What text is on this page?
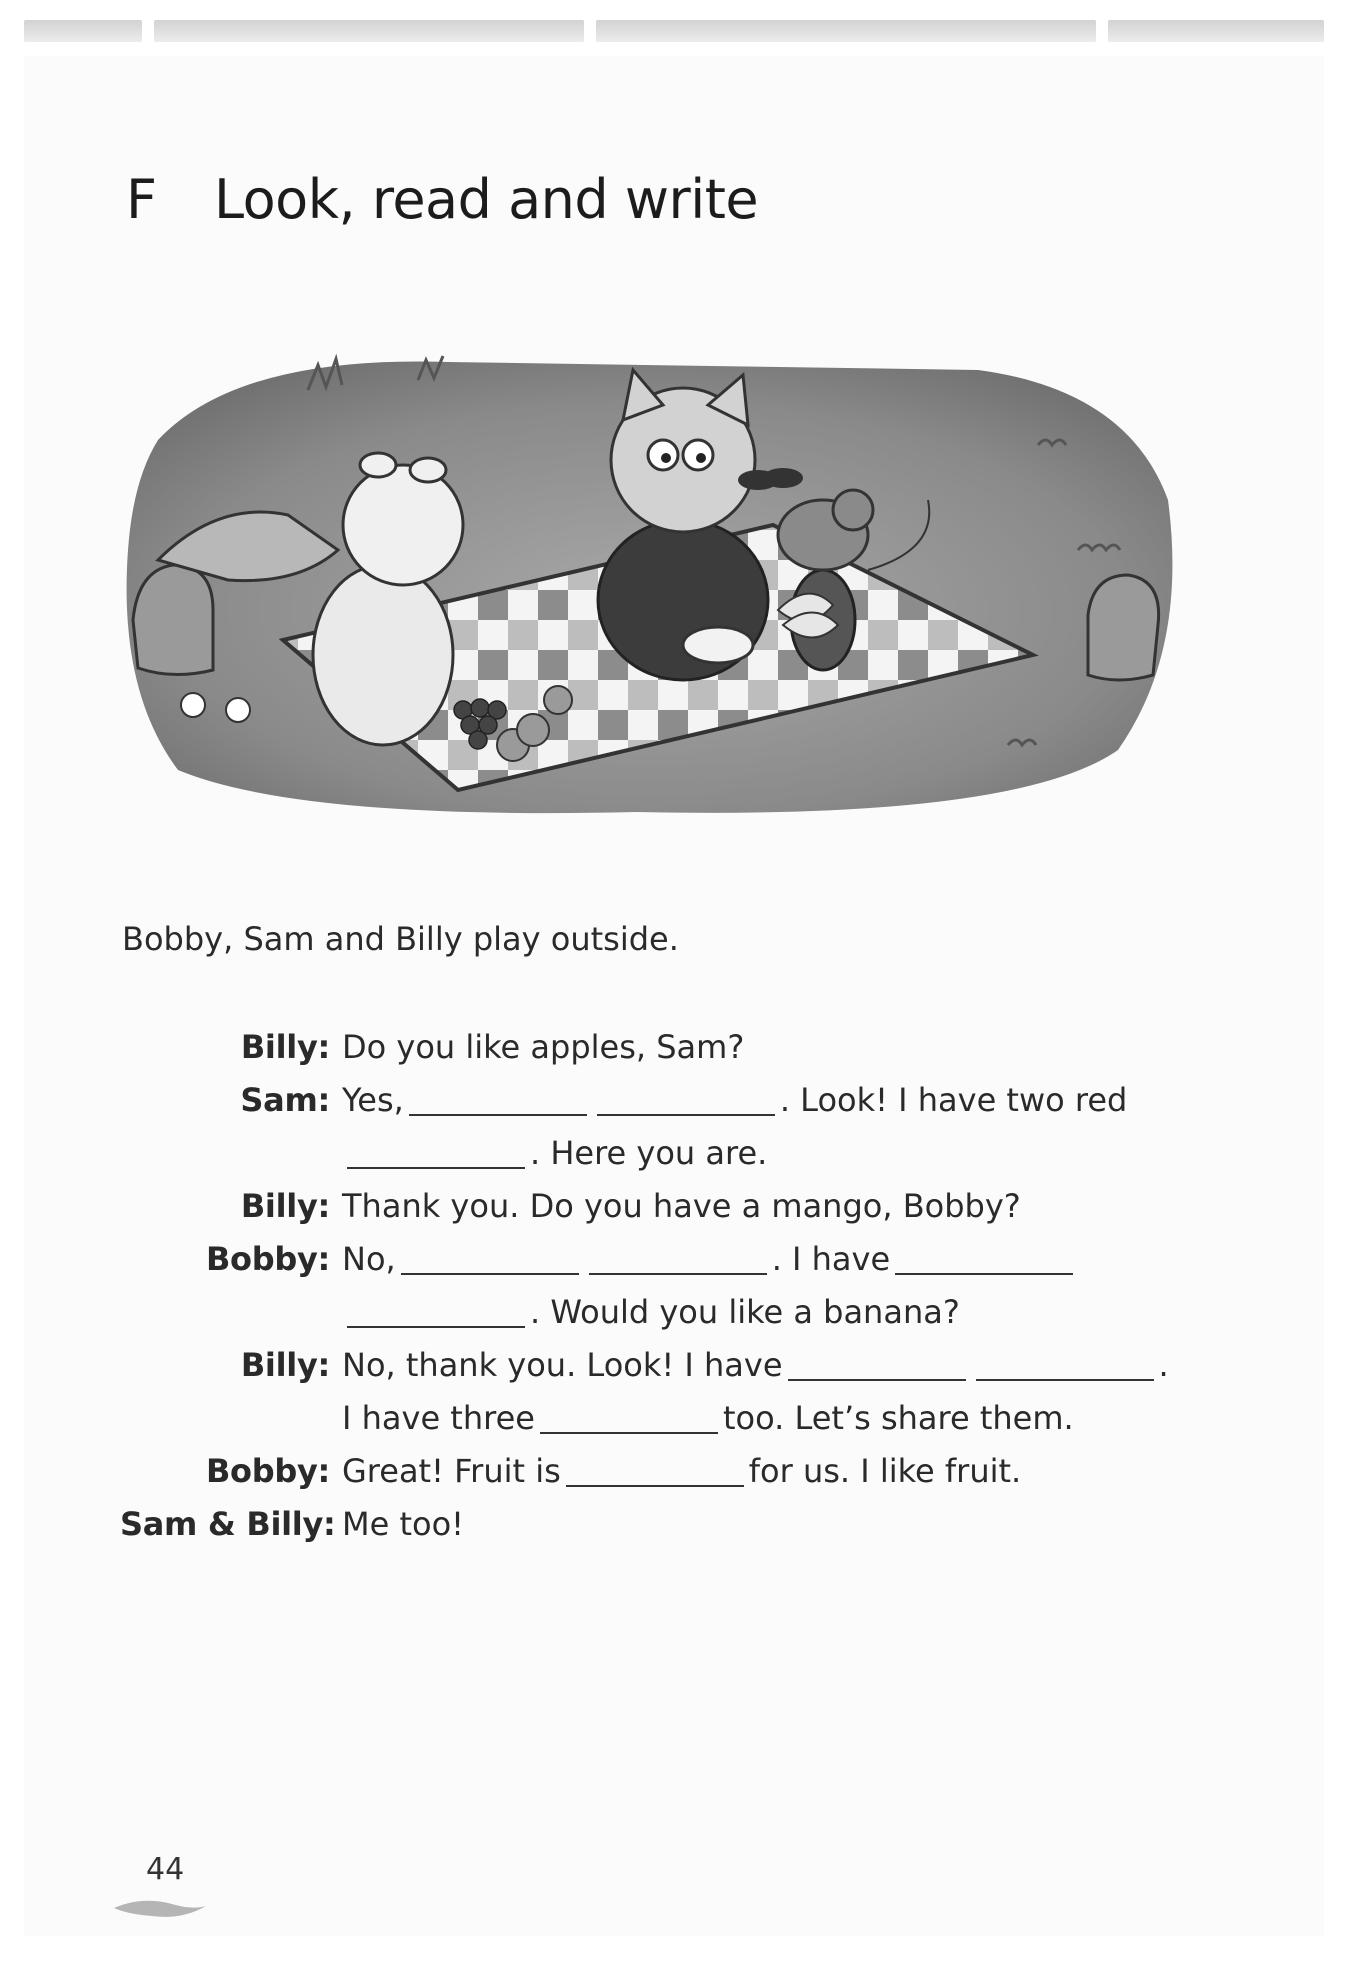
F Look, read and write

Bobby, Sam and Billy play outside.

Billy: Do you like apples, Sam?
Sam: Yes,	. Look! I have two red
. Here you are.
Billy: Thank you. Do you have a mango, Bobby?
Bobby: No,	. I have
. Would you like a banana?
Billy: No, thank you. Look! I have	.
I have three	too. Let’s share them.
Bobby: Great! Fruit is	for us. I like fruit.
Sam & Billy: Me too!

44
